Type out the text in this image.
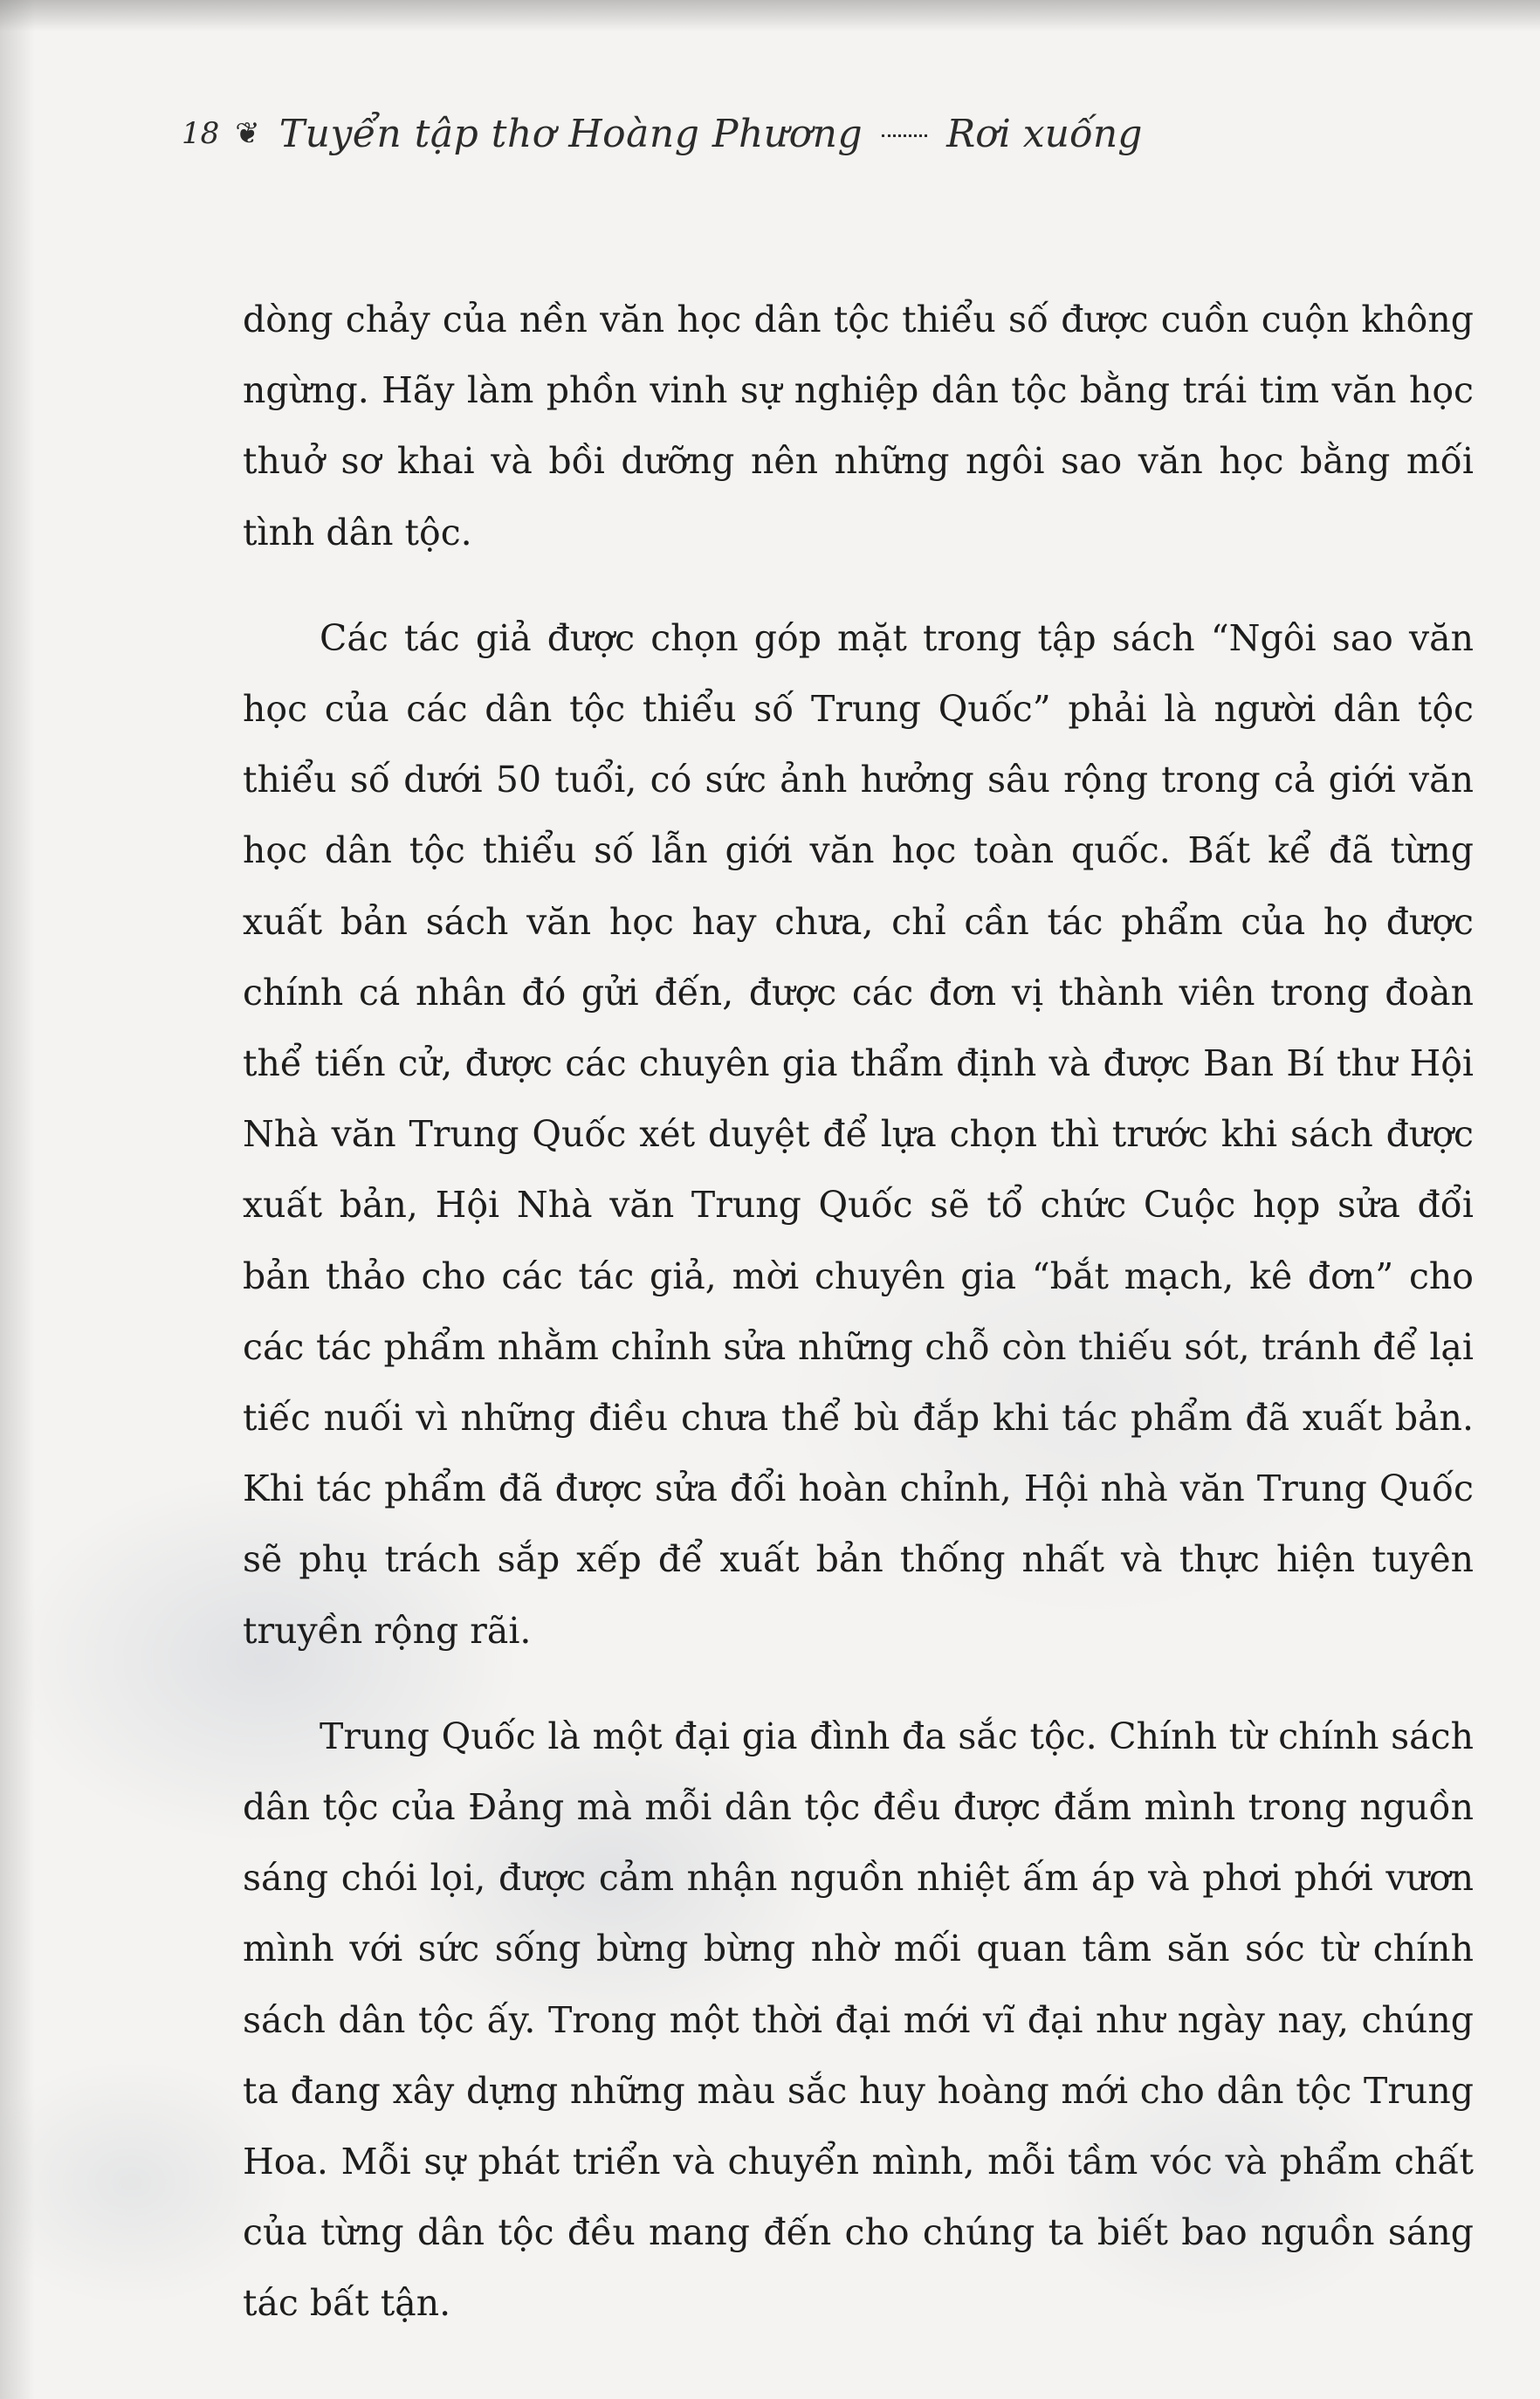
18 ❦ Tuyển tập thơ Hoàng Phương Rơi xuống

dòng chảy của nền văn học dân tộc thiểu số được cuồn cuộn không ngừng. Hãy làm phồn vinh sự nghiệp dân tộc bằng trái tim văn học thuở sơ khai và bồi dưỡng nên những ngôi sao văn học bằng mối tình dân tộc.

Các tác giả được chọn góp mặt trong tập sách “Ngôi sao văn học của các dân tộc thiểu số Trung Quốc” phải là người dân tộc thiểu số dưới 50 tuổi, có sức ảnh hưởng sâu rộng trong cả giới văn học dân tộc thiểu số lẫn giới văn học toàn quốc. Bất kể đã từng xuất bản sách văn học hay chưa, chỉ cần tác phẩm của họ được chính cá nhân đó gửi đến, được các đơn vị thành viên trong đoàn thể tiến cử, được các chuyên gia thẩm định và được Ban Bí thư Hội Nhà văn Trung Quốc xét duyệt để lựa chọn thì trước khi sách được xuất bản, Hội Nhà văn Trung Quốc sẽ tổ chức Cuộc họp sửa đổi bản thảo cho các tác giả, mời chuyên gia “bắt mạch, kê đơn” cho các tác phẩm nhằm chỉnh sửa những chỗ còn thiếu sót, tránh để lại tiếc nuối vì những điều chưa thể bù đắp khi tác phẩm đã xuất bản. Khi tác phẩm đã được sửa đổi hoàn chỉnh, Hội nhà văn Trung Quốc sẽ phụ trách sắp xếp để xuất bản thống nhất và thực hiện tuyên truyền rộng rãi.

Trung Quốc là một đại gia đình đa sắc tộc. Chính từ chính sách dân tộc của Đảng mà mỗi dân tộc đều được đắm mình trong nguồn sáng chói lọi, được cảm nhận nguồn nhiệt ấm áp và phơi phới vươn mình với sức sống bừng bừng nhờ mối quan tâm săn sóc từ chính sách dân tộc ấy. Trong một thời đại mới vĩ đại như ngày nay, chúng ta đang xây dựng những màu sắc huy hoàng mới cho dân tộc Trung Hoa. Mỗi sự phát triển và chuyển mình, mỗi tầm vóc và phẩm chất của từng dân tộc đều mang đến cho chúng ta biết bao nguồn sáng tác bất tận.
